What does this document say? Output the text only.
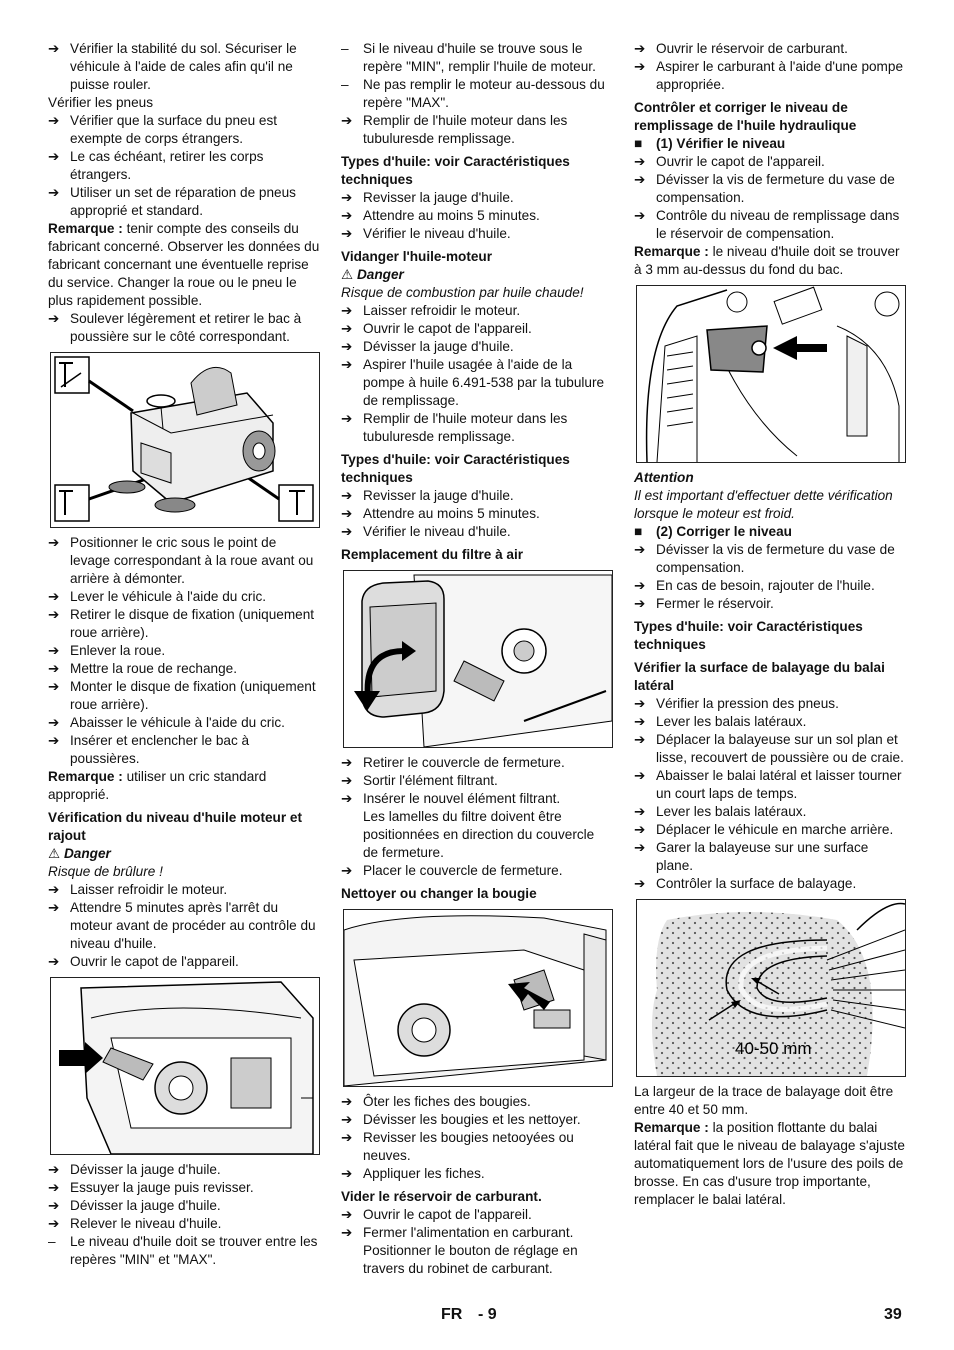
➔ Vérifier la stabilité du sol. Sécuriser le véhicule à l'aide de cales afin qu'il ne puisse rouler.
Vérifier les pneus
➔ Vérifier que la surface du pneu est exempte de corps étrangers.
➔ Le cas échéant, retirer les corps étrangers.
➔ Utiliser un set de réparation de pneus approprié et standard.
Remarque : tenir compte des conseils du fabricant concerné. Observer les données du fabricant concernant une éventuelle reprise du service. Changer la roue ou le pneu le plus rapidement possible.
➔ Soulever légèrement et retirer le bac à poussière sur le côté correspondant.
➔ Positionner le cric sous le point de levage correspondant à la roue avant ou arrière à démonter.
➔ Lever le véhicule à l'aide du cric.
➔ Retirer le disque de fixation (uniquement roue arrière).
➔ Enlever la roue.
➔ Mettre la roue de rechange.
➔ Monter le disque de fixation (uniquement roue arrière).
➔ Abaisser le véhicule à l'aide du cric.
➔ Insérer et enclencher le bac à poussières.
Remarque : utiliser un cric standard approprié.
Vérification du niveau d'huile moteur et rajout
⚠ Danger
Risque de brûlure !
➔ Laisser refroidir le moteur.
➔ Attendre 5 minutes après l'arrêt du moteur avant de procéder au contrôle du niveau d'huile.
➔ Ouvrir le capot de l'appareil.
➔ Dévisser la jauge d'huile.
➔ Essuyer la jauge puis revisser.
➔ Dévisser la jauge d'huile.
➔ Relever le niveau d'huile.
–	Le niveau d'huile doit se trouver entre les repères "MIN" et "MAX".
–	Si le niveau d'huile se trouve sous le repère "MIN", remplir l'huile de moteur.
–	Ne pas remplir le moteur au-dessous du repère "MAX".
➔ Remplir de l'huile moteur dans les tubuluresde remplissage.
Types d'huile: voir Caractéristiques techniques
➔ Revisser la jauge d'huile.
➔ Attendre au moins 5 minutes.
➔ Vérifier le niveau d'huile.
Vidanger l'huile-moteur
⚠ Danger
Risque de combustion par huile chaude!
➔ Laisser refroidir le moteur.
➔ Ouvrir le capot de l'appareil.
➔ Dévisser la jauge d'huile.
➔ Aspirer l'huile usagée à l'aide de la pompe à huile 6.491-538 par la tubulure de remplissage.
➔ Remplir de l'huile moteur dans les tubuluresde remplissage.
Types d'huile: voir Caractéristiques techniques
➔ Revisser la jauge d'huile.
➔ Attendre au moins 5 minutes.
➔ Vérifier le niveau d'huile.
Remplacement du filtre à air
➔ Retirer le couvercle de fermeture.
➔ Sortir l'élément filtrant.
➔ Insérer le nouvel élément filtrant.
Les lamelles du filtre doivent être positionnées en direction du couvercle de fermeture.
➔ Placer le couvercle de fermeture.
Nettoyer ou changer la bougie
➔ Ôter les fiches des bougies.
➔ Dévisser les bougies et les nettoyer.
➔ Revisser les bougies netooyées ou neuves.
➔ Appliquer les fiches.
Vider le réservoir de carburant.
➔ Ouvrir le capot de l'appareil.
➔ Fermer l'alimentation en carburant.
Positionner le bouton de réglage en travers du robinet de carburant.
➔ Ouvrir le réservoir de carburant.
➔ Aspirer le carburant à l'aide d'une pompe appropriée.
Contrôler et corriger le niveau de remplissage de l'huile hydraulique
■	(1) Vérifier le niveau
➔ Ouvrir le capot de l'appareil.
➔ Dévisser la vis de fermeture du vase de compensation.
➔ Contrôle du niveau de remplissage dans le réservoir de compensation.
Remarque : le niveau d'huile doit se trouver à 3 mm au-dessus du fond du bac.
Attention
Il est important d'effectuer dette vérification lorsque le moteur est froid.
■	(2) Corriger le niveau
➔ Dévisser la vis de fermeture du vase de compensation.
➔ En cas de besoin, rajouter de l'huile.
➔ Fermer le réservoir.
Types d'huile: voir Caractéristiques techniques
Vérifier la surface de balayage du balai latéral
➔ Vérifier la pression des pneus.
➔ Lever les balais latéraux.
➔ Déplacer la balayeuse sur un sol plan et lisse, recouvert de poussière ou de craie.
➔ Abaisser le balai latéral et laisser tourner un court laps de temps.
➔ Lever les balais latéraux.
➔ Déplacer le véhicule en marche arrière.
➔ Garer la balayeuse sur une surface plane.
➔ Contrôler la surface de balayage.
40-50 mm
La largeur de la trace de balayage doit être entre 40 et 50 mm.
Remarque : la position flottante du balai latéral fait que le niveau de balayage s'ajuste automatiquement lors de l'usure des poils de brosse. En cas d'usure trop importante, remplacer le balai latéral.
FR - 9	39
